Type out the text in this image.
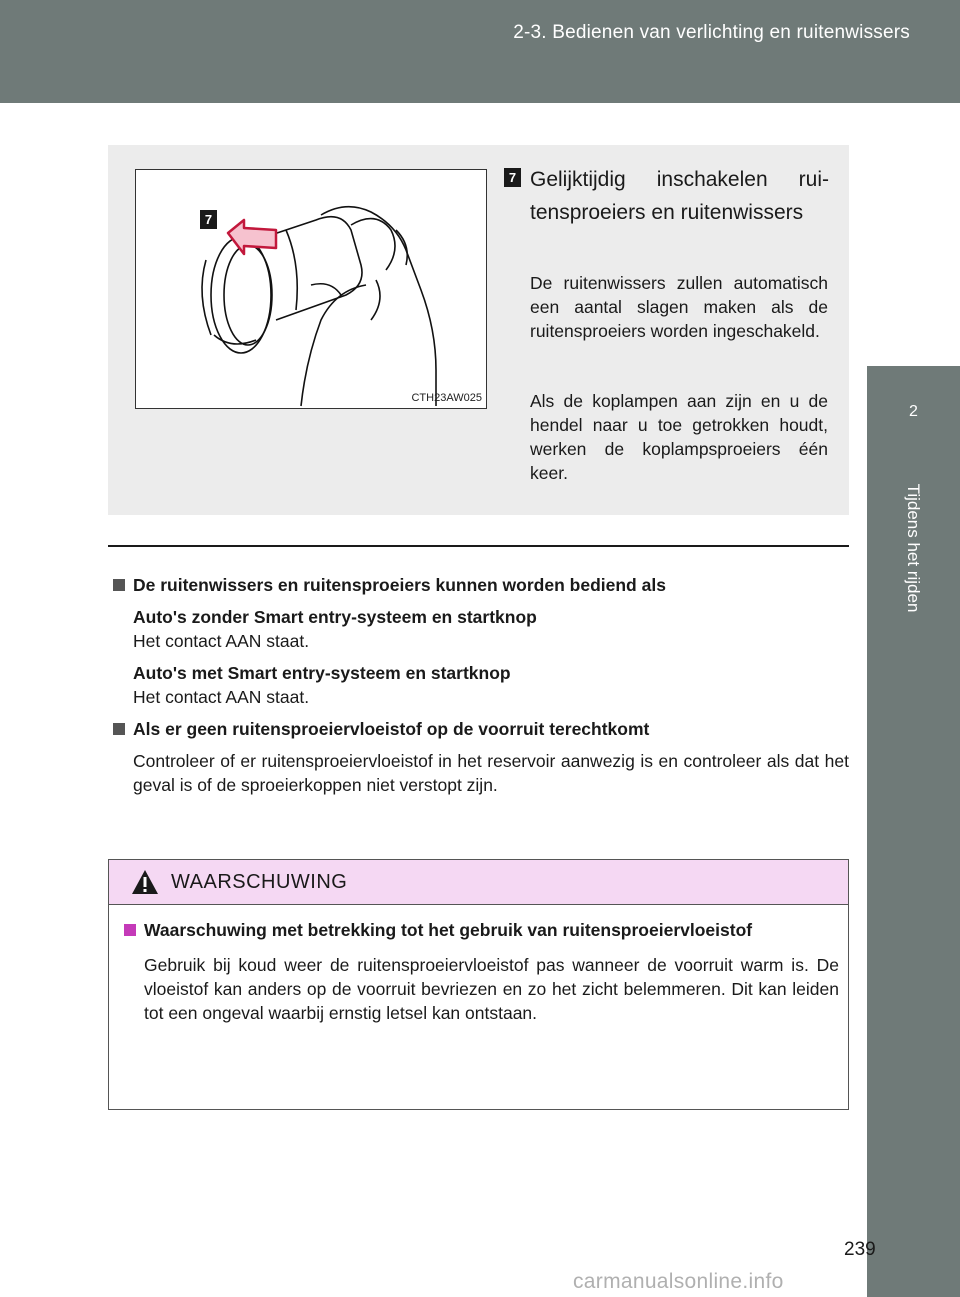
2-3. Bedienen van verlichting en ruitenwissers
2
Tijdens het rijden
7
CTH23AW025
7 Gelijktijdig inschakelen ruitensproeiers en ruitenwissers
De ruitenwissers zullen automatisch een aantal slagen maken als de ruitensproeiers worden ingeschakeld.
Als de koplampen aan zijn en u de hendel naar u toe getrokken houdt, werken de koplampsproeiers één keer.
De ruitenwissers en ruitensproeiers kunnen worden bediend als
Auto's zonder Smart entry-systeem en startknop
Het contact AAN staat.
Auto's met Smart entry-systeem en startknop
Het contact AAN staat.
Als er geen ruitensproeiervloeistof op de voorruit terechtkomt
Controleer of er ruitensproeiervloeistof in het reservoir aanwezig is en controleer als dat het geval is of de sproeierkoppen niet verstopt zijn.
WAARSCHUWING
Waarschuwing met betrekking tot het gebruik van ruitensproeiervloeistof
Gebruik bij koud weer de ruitensproeiervloeistof pas wanneer de voorruit warm is. De vloeistof kan anders op de voorruit bevriezen en zo het zicht belemmeren. Dit kan leiden tot een ongeval waarbij ernstig letsel kan ontstaan.
239
carmanualsonline.info
